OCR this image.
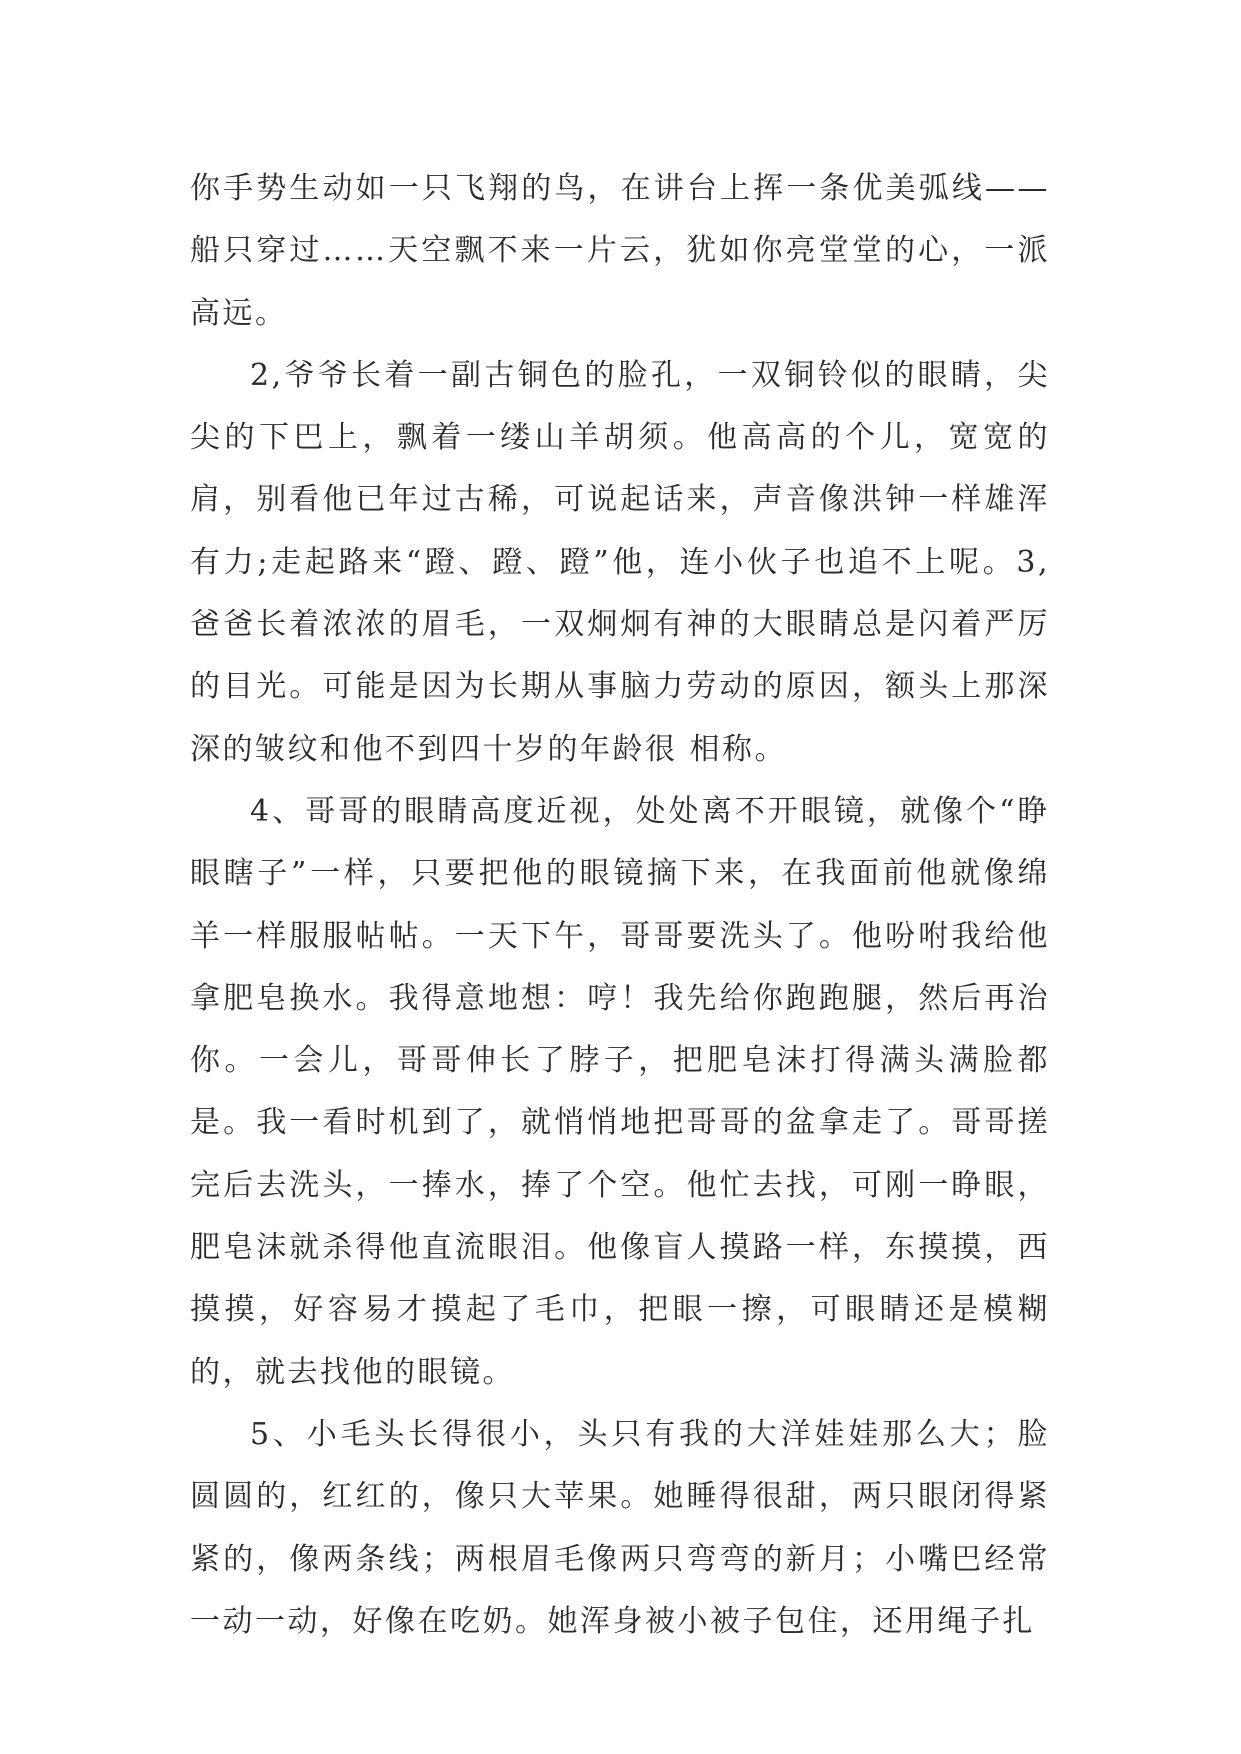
你手势生动如一只飞翔的鸟，在讲台上挥一条优美弧线——船只穿过……天空飘不来一片云，犹如你亮堂堂的心，一派高远。

2,爷爷长着一副古铜色的脸孔，一双铜铃似的眼睛，尖尖的下巴上，飘着一缕山羊胡须。他高高的个儿，宽宽的肩，别看他已年过古稀，可说起话来，声音像洪钟一样雄浑有力;走起路来“蹬、蹬、蹬”他，连小伙子也追不上呢。3,爸爸长着浓浓的眉毛，一双炯炯有神的大眼睛总是闪着严厉的目光。可能是因为长期从事脑力劳动的原因，额头上那深深的皱纹和他不到四十岁的年龄很 相称。

4、哥哥的眼睛高度近视，处处离不开眼镜，就像个“睁眼瞎子”一样，只要把他的眼镜摘下来，在我面前他就像绵羊一样服服帖帖。一天下午，哥哥要洗头了。他吩咐我给他拿肥皂换水。我得意地想：哼！我先给你跑跑腿，然后再治你。一会儿，哥哥伸长了脖子，把肥皂沫打得满头满脸都是。我一看时机到了，就悄悄地把哥哥的盆拿走了。哥哥搓完后去洗头，一捧水，捧了个空。他忙去找，可刚一睁眼，肥皂沫就杀得他直流眼泪。他像盲人摸路一样，东摸摸，西摸摸，好容易才摸起了毛巾，把眼一擦，可眼睛还是模糊的，就去找他的眼镜。

5、小毛头长得很小，头只有我的大洋娃娃那么大；脸圆圆的，红红的，像只大苹果。她睡得很甜，两只眼闭得紧紧的，像两条线；两根眉毛像两只弯弯的新月；小嘴巴经常一动一动，好像在吃奶。她浑身被小被子包住，还用绳子扎
